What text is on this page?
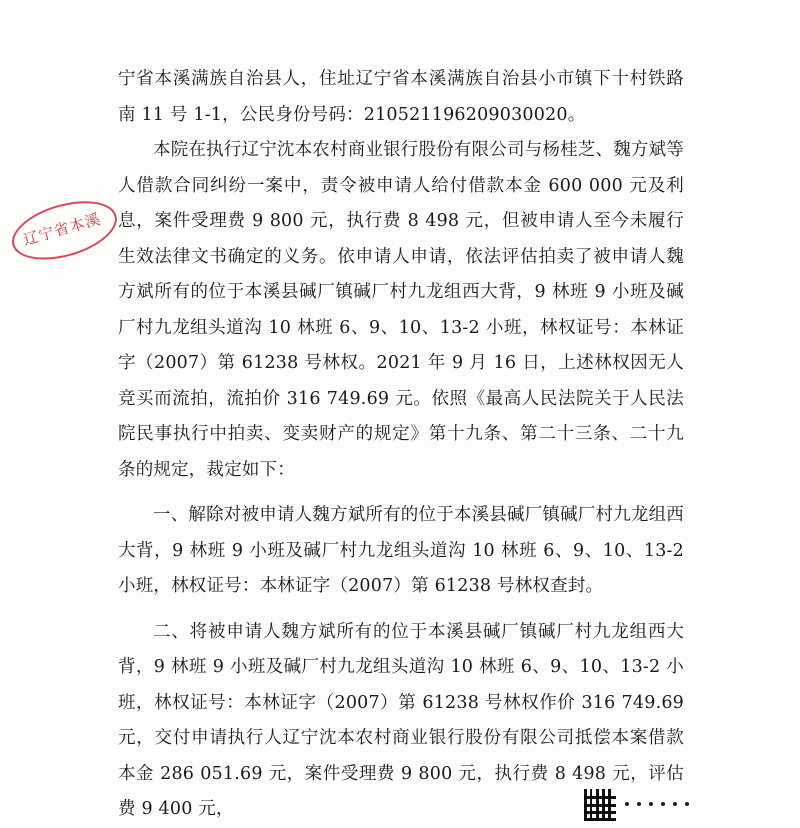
宁省本溪满族自治县人，住址辽宁省本溪满族自治县小市镇下十村铁路南 11 号 1-1，公民身份号码：210521196209030020。

本院在执行辽宁沈本农村商业银行股份有限公司与杨桂芝、魏方斌等人借款合同纠纷一案中，责令被申请人给付借款本金 600 000 元及利息，案件受理费 9 800 元，执行费 8 498 元，但被申请人至今未履行生效法律文书确定的义务。依申请人申请，依法评估拍卖了被申请人魏方斌所有的位于本溪县碱厂镇碱厂村九龙组西大背，9 林班 9 小班及碱厂村九龙组头道沟 10 林班 6、9、10、13-2 小班，林权证号：本林证字（2007）第 61238 号林权。2021 年 9 月 16 日，上述林权因无人竞买而流拍，流拍价 316 749.69 元。依照《最高人民法院关于人民法院民事执行中拍卖、变卖财产的规定》第十九条、第二十三条、二十九条的规定，裁定如下：

一、解除对被申请人魏方斌所有的位于本溪县碱厂镇碱厂村九龙组西大背，9 林班 9 小班及碱厂村九龙组头道沟 10 林班 6、9、10、13-2 小班，林权证号：本林证字（2007）第 61238 号林权查封。

二、将被申请人魏方斌所有的位于本溪县碱厂镇碱厂村九龙组西大背，9 林班 9 小班及碱厂村九龙组头道沟 10 林班 6、9、10、13-2 小班，林权证号：本林证字（2007）第 61238 号林权作价 316 749.69 元，交付申请执行人辽宁沈本农村商业银行股份有限公司抵偿本案借款本金 286 051.69 元，案件受理费 9 800 元，执行费 8 498 元，评估费 9 400 元，

辽宁省本溪
